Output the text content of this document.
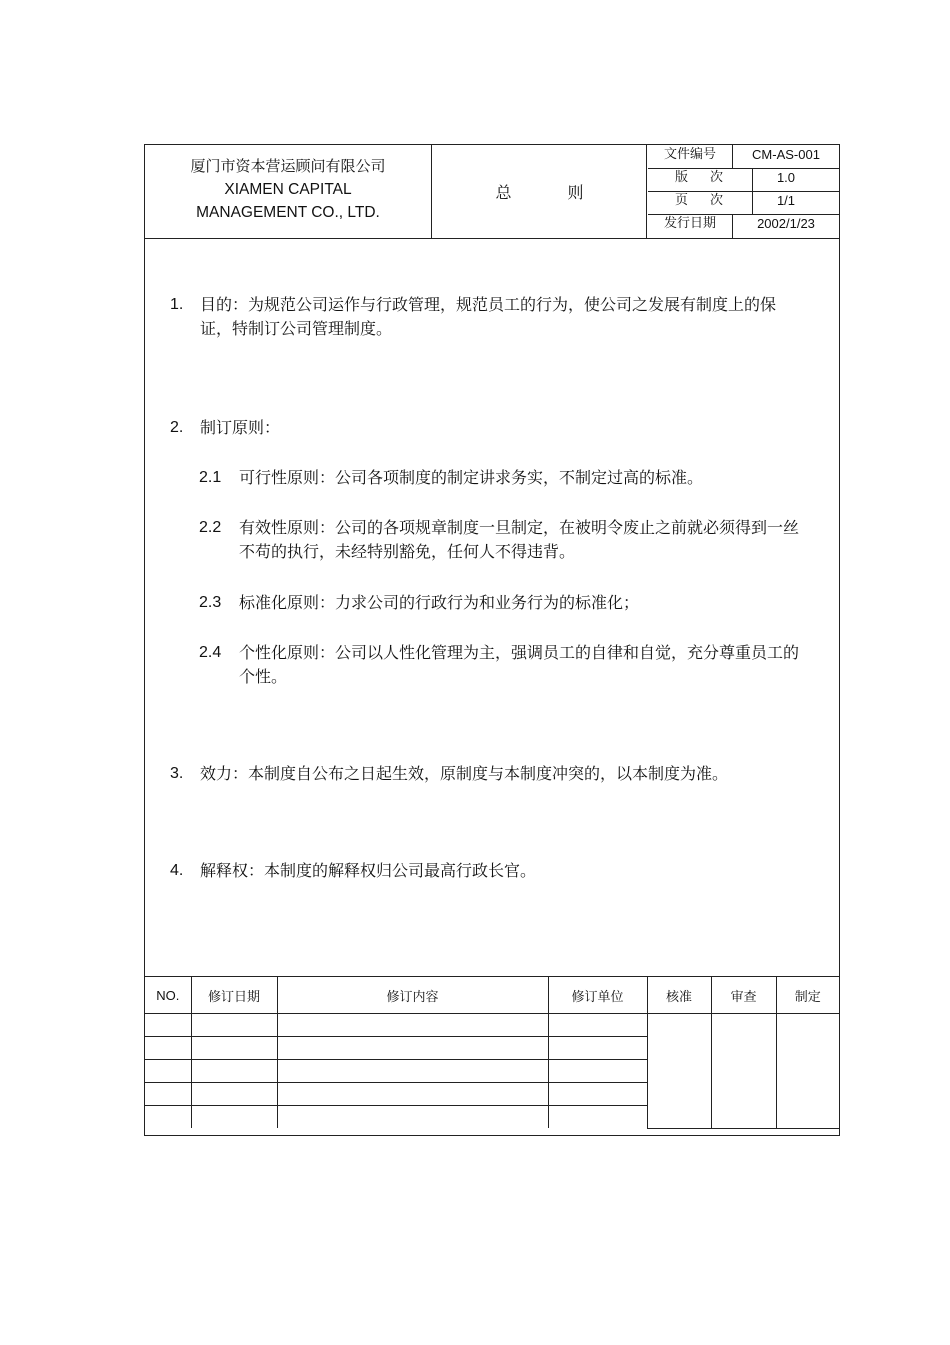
厦门市资本营运顾问有限公司
XIAMEN CAPITAL
MANAGEMENT CO., LTD.
总则
文件编号	CM-AS-001
版次	1.0
页次	1/1
发行日期	2002/1/23
1. 目的：为规范公司运作与行政管理，规范员工的行为，使公司之发展有制度上的保证，特制订公司管理制度。
2. 制订原则：
2.1 可行性原则：公司各项制度的制定讲求务实，不制定过高的标准。
2.2 有效性原则：公司的各项规章制度一旦制定，在被明令废止之前就必须得到一丝不苟的执行，未经特别豁免，任何人不得违背。
2.3 标准化原则：力求公司的行政行为和业务行为的标准化；
2.4 个性化原则：公司以人性化管理为主，强调员工的自律和自觉，充分尊重员工的个性。
3. 效力：本制度自公布之日起生效，原制度与本制度冲突的，以本制度为准。
4. 解释权：本制度的解释权归公司最高行政长官。
NO.	修订日期	修订内容	修订单位	核准	审查	制定
